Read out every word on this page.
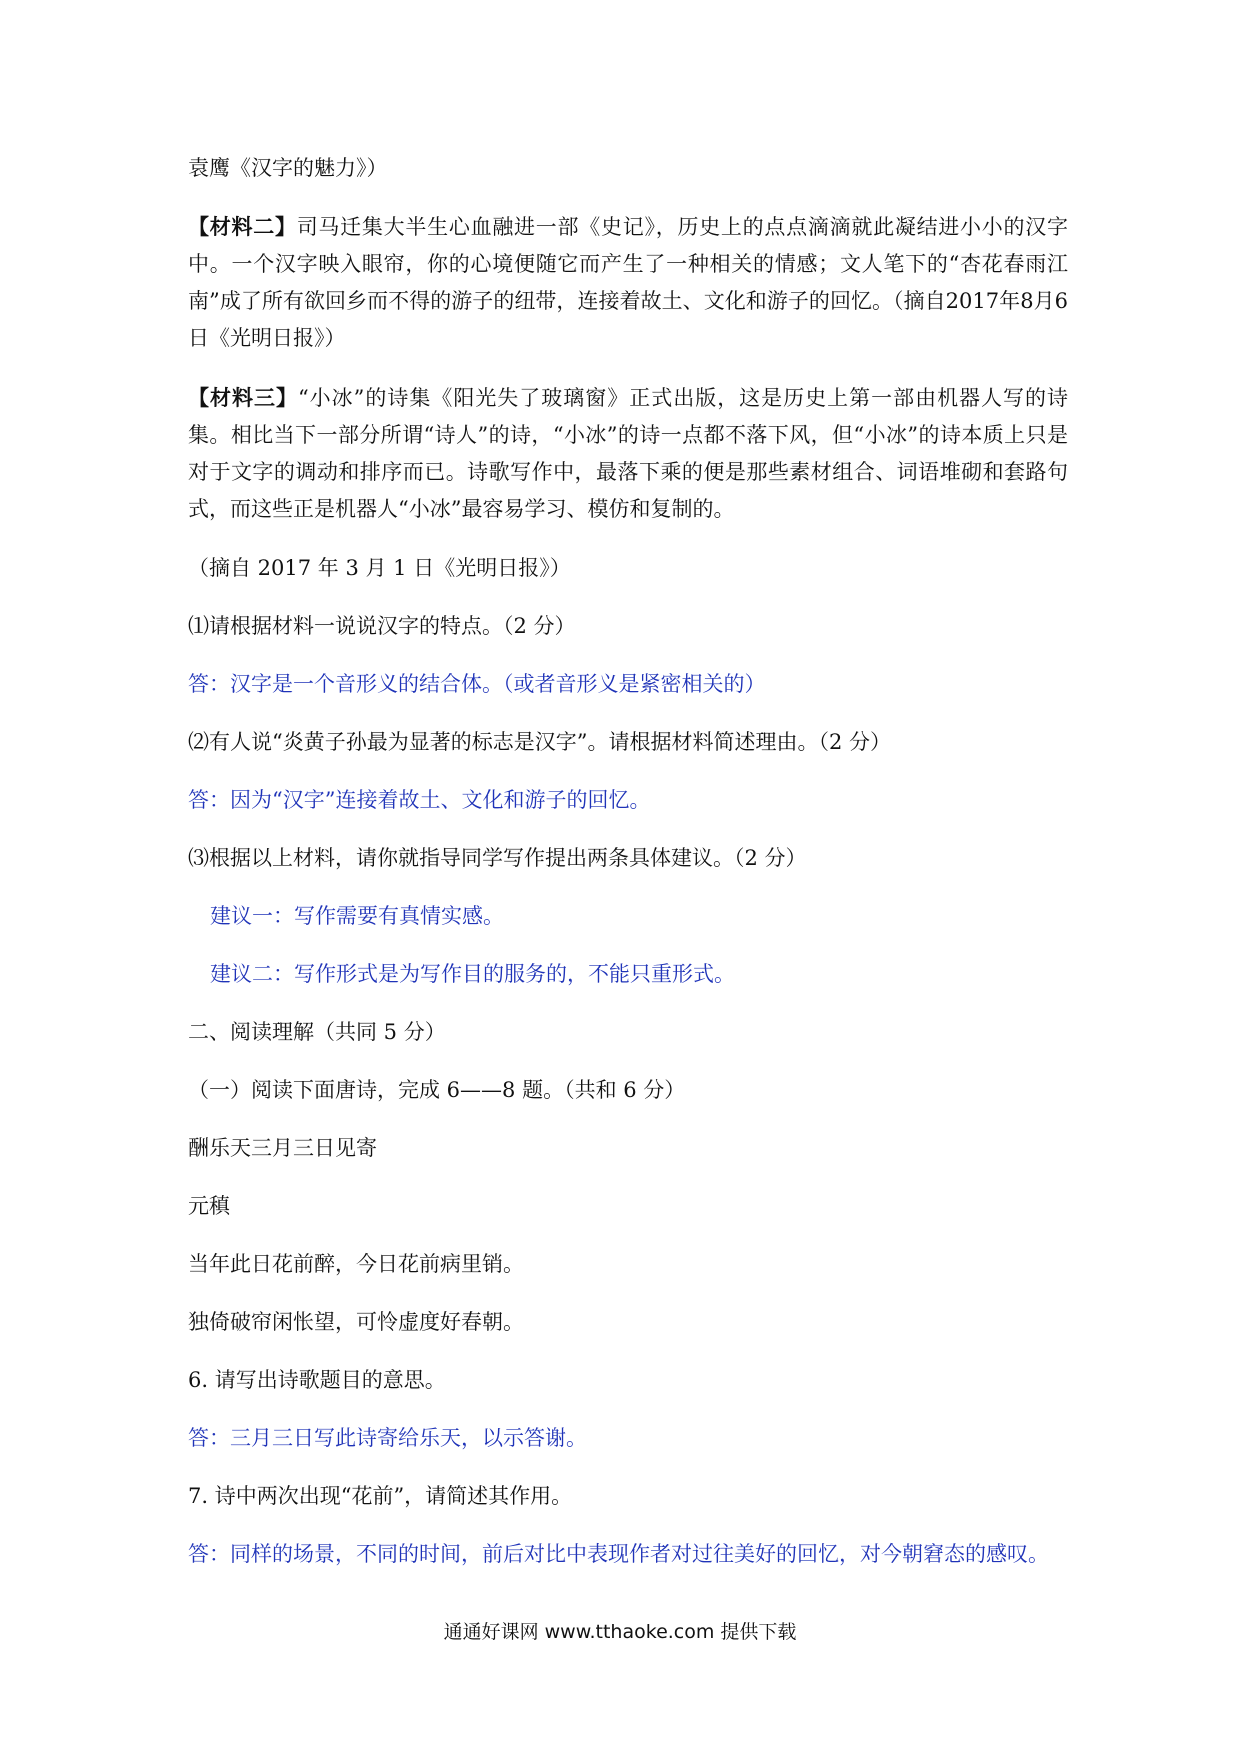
袁鹰《汉字的魅力》）

【材料二】司马迁集大半生心血融进一部《史记》，历史上的点点滴滴就此凝结进小小的汉字中。一个汉字映入眼帘，你的心境便随它而产生了一种相关的情感；文人笔下的“杏花春雨江南”成了所有欲回乡而不得的游子的纽带，连接着故土、文化和游子的回忆。（摘自2017年8月6日《光明日报》）

【材料三】“小冰”的诗集《阳光失了玻璃窗》正式出版，这是历史上第一部由机器人写的诗集。相比当下一部分所谓“诗人”的诗，“小冰”的诗一点都不落下风，但“小冰”的诗本质上只是对于文字的调动和排序而已。诗歌写作中，最落下乘的便是那些素材组合、词语堆砌和套路句式，而这些正是机器人“小冰”最容易学习、模仿和复制的。

（摘自 2017 年 3 月 1 日《光明日报》）

⑴请根据材料一说说汉字的特点。（2 分）

答：汉字是一个音形义的结合体。（或者音形义是紧密相关的）

⑵有人说“炎黄子孙最为显著的标志是汉字”。请根据材料简述理由。（2 分）

答：因为“汉字”连接着故土、文化和游子的回忆。

⑶根据以上材料，请你就指导同学写作提出两条具体建议。（2 分）

建议一：写作需要有真情实感。

建议二：写作形式是为写作目的服务的，不能只重形式。

二、阅读理解（共同 5 分）

（一）阅读下面唐诗，完成 6——8 题。（共和 6 分）

酬乐天三月三日见寄

元稹

当年此日花前醉，今日花前病里销。

独倚破帘闲怅望，可怜虚度好春朝。

6. 请写出诗歌题目的意思。

答：三月三日写此诗寄给乐天，以示答谢。

7. 诗中两次出现“花前”，请简述其作用。

答：同样的场景，不同的时间，前后对比中表现作者对过往美好的回忆，对今朝窘态的感叹。

通通好课网 www.tthaoke.com 提供下载
